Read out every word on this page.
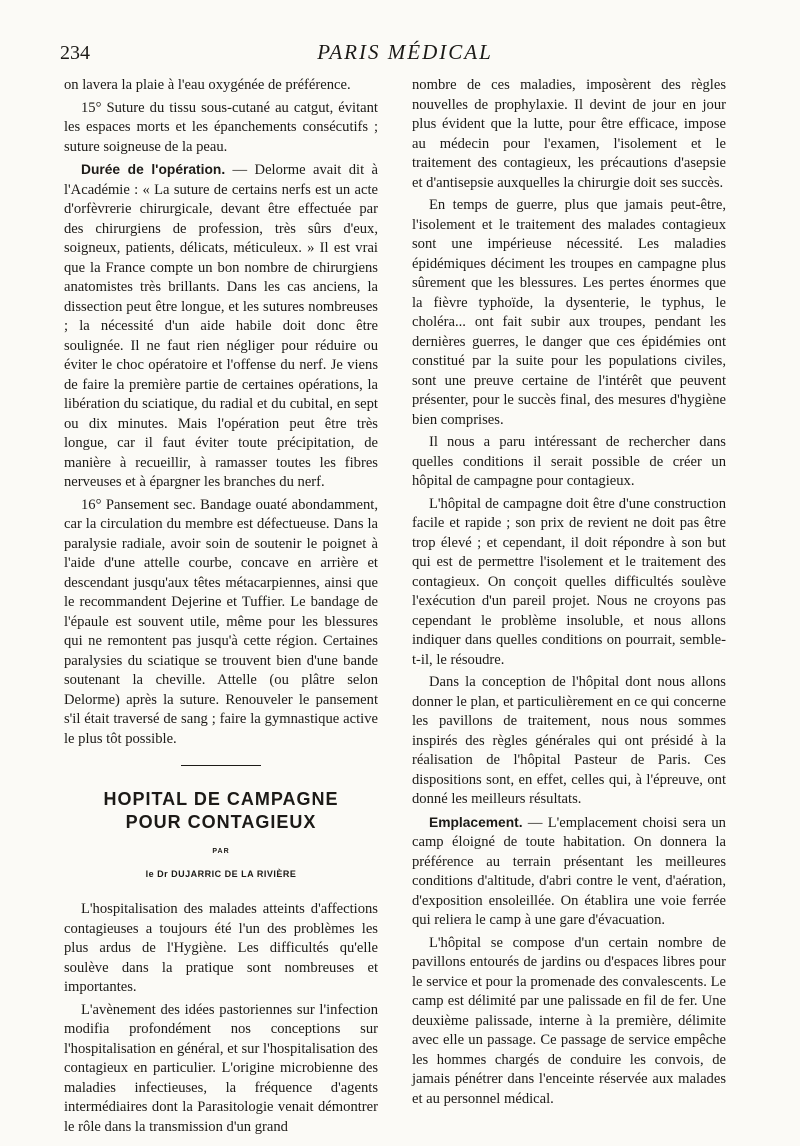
234	PARIS MÉDICAL

on lavera la plaie à l'eau oxygénée de préférence.

15° Suture du tissu sous-cutané au catgut, évitant les espaces morts et les épanchements consécutifs ; suture soigneuse de la peau.

Durée de l'opération. — Delorme avait dit à l'Académie : « La suture de certains nerfs est un acte d'orfèvrerie chirurgicale, devant être effectuée par des chirurgiens de profession, très sûrs d'eux, soigneux, patients, délicats, méticuleux. » Il est vrai que la France compte un bon nombre de chirurgiens anatomistes très brillants. Dans les cas anciens, la dissection peut être longue, et les sutures nombreuses ; la nécessité d'un aide habile doit donc être soulignée. Il ne faut rien négliger pour réduire ou éviter le choc opératoire et l'offense du nerf. Je viens de faire la première partie de certaines opérations, la libération du sciatique, du radial et du cubital, en sept ou dix minutes. Mais l'opération peut être très longue, car il faut éviter toute précipitation, de manière à recueillir, à ramasser toutes les fibres nerveuses et à épargner les branches du nerf.

16° Pansement sec. Bandage ouaté abondamment, car la circulation du membre est défectueuse. Dans la paralysie radiale, avoir soin de soutenir le poignet à l'aide d'une attelle courbe, concave en arrière et descendant jusqu'aux têtes métacarpiennes, ainsi que le recommandent Dejerine et Tuffier. Le bandage de l'épaule est souvent utile, même pour les blessures qui ne remontent pas jusqu'à cette région. Certaines paralysies du sciatique se trouvent bien d'une bande soutenant la cheville. Attelle (ou plâtre selon Delorme) après la suture. Renouveler le pansement s'il était traversé de sang ; faire la gymnastique active le plus tôt possible.

HOPITAL DE CAMPAGNE
POUR CONTAGIEUX
PAR
le Dr DUJARRIC DE LA RIVIÈRE

L'hospitalisation des malades atteints d'affections contagieuses a toujours été l'un des problèmes les plus ardus de l'Hygiène. Les difficultés qu'elle soulève dans la pratique sont nombreuses et importantes.

L'avènement des idées pastoriennes sur l'infection modifia profondément nos conceptions sur l'hospitalisation en général, et sur l'hospitalisation des contagieux en particulier. L'origine microbienne des maladies infectieuses, la fréquence d'agents intermédiaires dont la Parasitologie venait démontrer le rôle dans la transmission d'un grand

nombre de ces maladies, imposèrent des règles nouvelles de prophylaxie. Il devint de jour en jour plus évident que la lutte, pour être efficace, impose au médecin pour l'examen, l'isolement et le traitement des contagieux, les précautions d'asepsie et d'antisepsie auxquelles la chirurgie doit ses succès.

En temps de guerre, plus que jamais peut-être, l'isolement et le traitement des malades contagieux sont une impérieuse nécessité. Les maladies épidémiques déciment les troupes en campagne plus sûrement que les blessures. Les pertes énormes que la fièvre typhoïde, la dysenterie, le typhus, le choléra... ont fait subir aux troupes, pendant les dernières guerres, le danger que ces épidémies ont constitué par la suite pour les populations civiles, sont une preuve certaine de l'intérêt que peuvent présenter, pour le succès final, des mesures d'hygiène bien comprises.

Il nous a paru intéressant de rechercher dans quelles conditions il serait possible de créer un hôpital de campagne pour contagieux.

L'hôpital de campagne doit être d'une construction facile et rapide ; son prix de revient ne doit pas être trop élevé ; et cependant, il doit répondre à son but qui est de permettre l'isolement et le traitement des contagieux. On conçoit quelles difficultés soulève l'exécution d'un pareil projet. Nous ne croyons pas cependant le problème insoluble, et nous allons indiquer dans quelles conditions on pourrait, semble-t-il, le résoudre.

Dans la conception de l'hôpital dont nous allons donner le plan, et particulièrement en ce qui concerne les pavillons de traitement, nous nous sommes inspirés des règles générales qui ont présidé à la réalisation de l'hôpital Pasteur de Paris. Ces dispositions sont, en effet, celles qui, à l'épreuve, ont donné les meilleurs résultats.

Emplacement. — L'emplacement choisi sera un camp éloigné de toute habitation. On donnera la préférence au terrain présentant les meilleures conditions d'altitude, d'abri contre le vent, d'aération, d'exposition ensoleillée. On établira une voie ferrée qui reliera le camp à une gare d'évacuation.

L'hôpital se compose d'un certain nombre de pavillons entourés de jardins ou d'espaces libres pour le service et pour la promenade des convalescents. Le camp est délimité par une palissade en fil de fer. Une deuxième palissade, interne à la première, délimite avec elle un passage. Ce passage de service empêche les hommes chargés de conduire les convois, de jamais pénétrer dans l'enceinte réservée aux malades et au personnel médical.
